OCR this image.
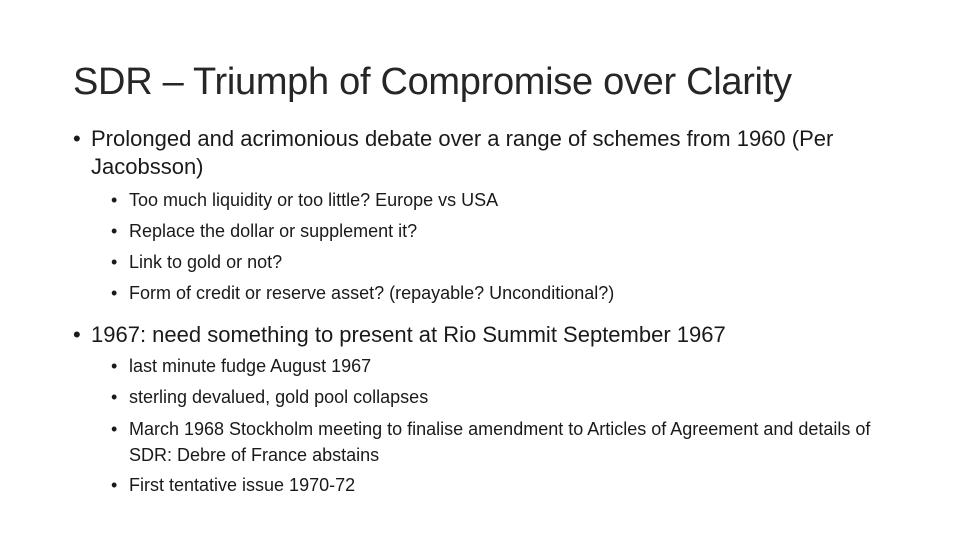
SDR – Triumph of Compromise over Clarity
• Prolonged and acrimonious debate over a range of schemes from 1960 (Per Jacobsson)
• Too much liquidity or too little? Europe vs USA
• Replace the dollar or supplement it?
• Link to gold or not?
• Form of credit or reserve asset? (repayable? Unconditional?)
• 1967: need something to present at Rio Summit September 1967
• last minute fudge August 1967
• sterling devalued, gold pool collapses
• March 1968 Stockholm meeting to finalise amendment to Articles of Agreement and details of SDR: Debre of France abstains
• First tentative issue 1970-72
